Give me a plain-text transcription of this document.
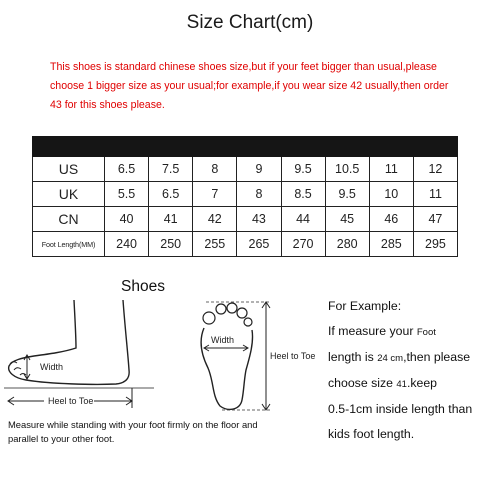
Size Chart(cm)
This shoes is standard chinese shoes size,but if your feet bigger than usual,please
choose 1 bigger size as your usual;for example,if you wear size 42 usually,then order
43 for this shoes please.

US	6.5	7.5	8	9	9.5	10.5	11	12
UK	5.5	6.5	7	8	8.5	9.5	10	11
CN	40	41	42	43	44	45	46	47
Foot Length(MM)	240	250	255	265	270	280	285	295
Shoes
Width
Heel to Toe
Width
Heel to Toe
Measure while standing with your foot firmly on the floor and
parallel to your other foot.
For Example:
If measure your Foot
length is 24 cm,then please
choose size 41.keep
0.5-1cm inside length than
kids foot length.
